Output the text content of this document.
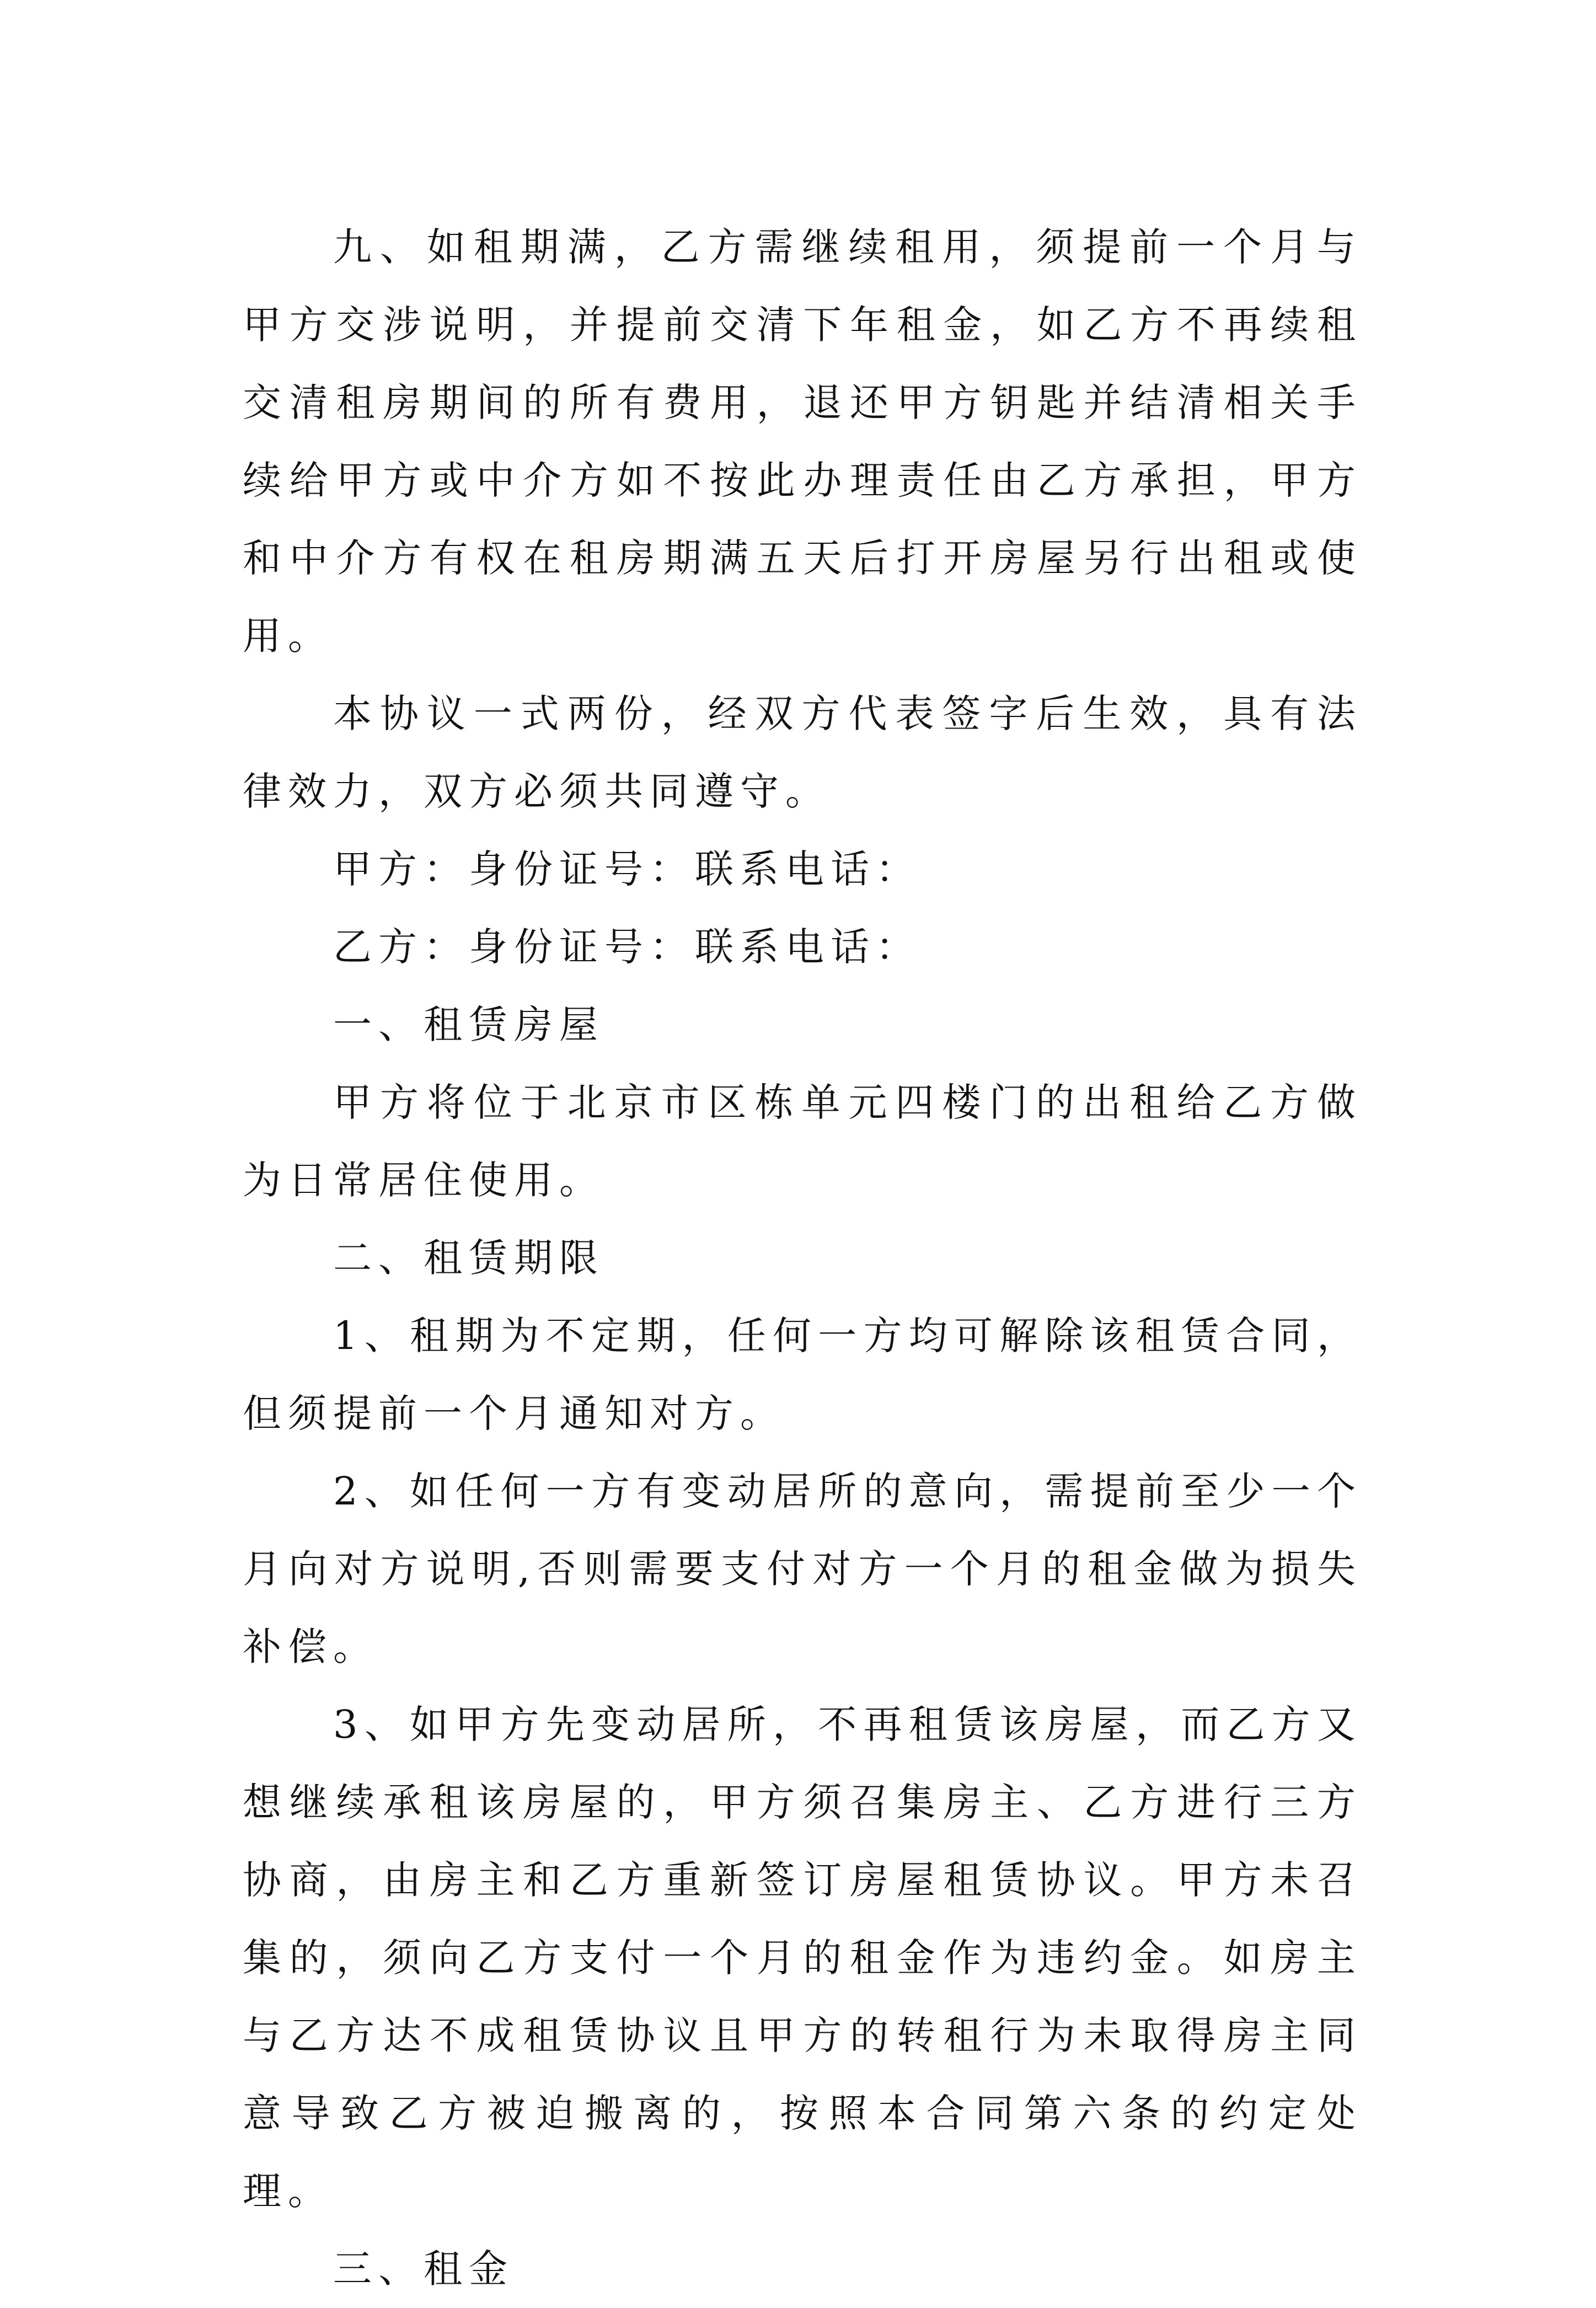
九、如租期满，乙方需继续租用，须提前一个月与甲方交涉说明，并提前交清下年租金，如乙方不再续租交清租房期间的所有费用，退还甲方钥匙并结清相关手续给甲方或中介方如不按此办理责任由乙方承担，甲方和中介方有权在租房期满五天后打开房屋另行出租或使用。

本协议一式两份，经双方代表签字后生效，具有法律效力，双方必须共同遵守。

甲方：身份证号：联系电话：

乙方：身份证号：联系电话：

一、租赁房屋

甲方将位于北京市区栋单元四楼门的出租给乙方做为日常居住使用。

二、租赁期限

1、租期为不定期，任何一方均可解除该租赁合同，但须提前一个月通知对方。

2、如任何一方有变动居所的意向，需提前至少一个月向对方说明,否则需要支付对方一个月的租金做为损失补偿。

3、如甲方先变动居所，不再租赁该房屋，而乙方又想继续承租该房屋的，甲方须召集房主、乙方进行三方协商，由房主和乙方重新签订房屋租赁协议。甲方未召集的，须向乙方支付一个月的租金作为违约金。如房主与乙方达不成租赁协议且甲方的转租行为未取得房主同意导致乙方被迫搬离的，按照本合同第六条的约定处理。

三、租金
